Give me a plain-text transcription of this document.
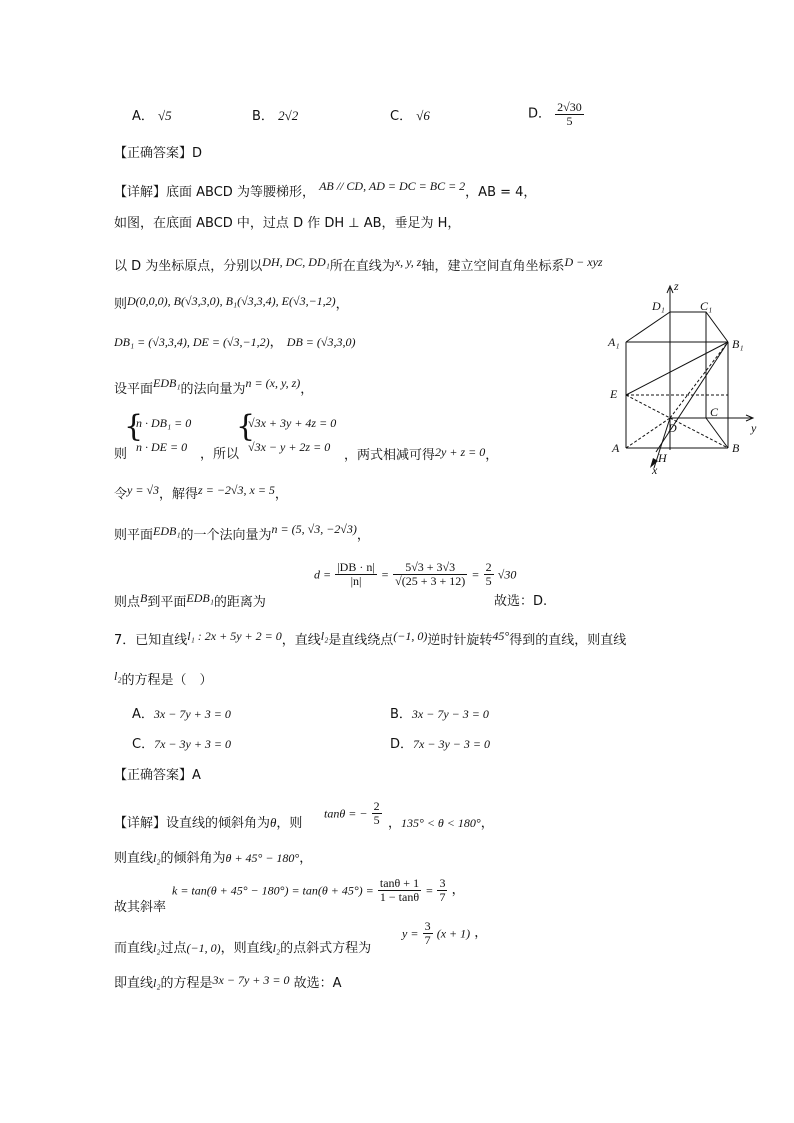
A． √5	B． 2√2	C． √6	D． $\frac{2√30}{5}$
【正确答案】D
【详解】底面 ABCD 为等腰梯形， AB // CD, AD = DC = BC = 2，AB = 4，
如图，在底面 ABCD 中，过点 D 作 DH ⊥ AB，垂足为 H，
以 D 为坐标原点，分别以DH, DC, DD₁所在直线为x, y, z轴，建立空间直角坐标系D − xyz
则D(0,0,0), B(√3,3,0), B₁(√3,3,4), E(√3,−1,2)，
DB₁ = (√3,3,4), DE = (√3,−1,2)， DB = (√3,3,0)
设平面EDB₁的法向量为n = (x, y, z)，
{
n · DB₁ = 0
n · DE = 0
{
√3x + 3y + 4z = 0
√3x − y + 2z = 0
则	，所以	，两式相减可得2y + z = 0，
令y = √3，解得z = −2√3, x = 5，
则平面EDB₁的一个法向量为n = (5, √3, −2√3)，
则点B到平面EDB₁的距离为
$d = \frac{|DB \cdot n|}{|n|} = \frac{5√3 + 3√3}{√(25 + 3 + 12)} = \frac{2}{5} √30$
故选：D.
z
y
x
D₁	C₁
A₁	B₁
E
C
D
A	B
H
7．已知直线l₁ : 2x + 5y + 2 = 0，直线l₂是直线绕点(−1, 0)逆时针旋转45°得到的直线，则直线
l₂的方程是（　）
A．3x − 7y + 3 = 0	B．3x − 7y − 3 = 0
C．7x − 3y + 3 = 0	D．7x − 3y − 3 = 0
【正确答案】A
【详解】设直线的倾斜角为θ，则
tanθ = − $\frac{2}{5}$ ，135° < θ < 180°，
则直线l₂的倾斜角为θ + 45° − 180°，
故其斜率
$k = \tan(\theta + 45^\circ - 180^\circ) = \tan(\theta + 45^\circ) = \frac{\tan\theta + 1}{1 - \tan\theta} = \frac{3}{7}$ ，
而直线l₂过点(−1, 0)，则直线l₂的点斜式方程为
$y = \frac{3}{7} (x + 1)$ ，
即直线l₂的方程是3x − 7y + 3 = 0 故选：A
